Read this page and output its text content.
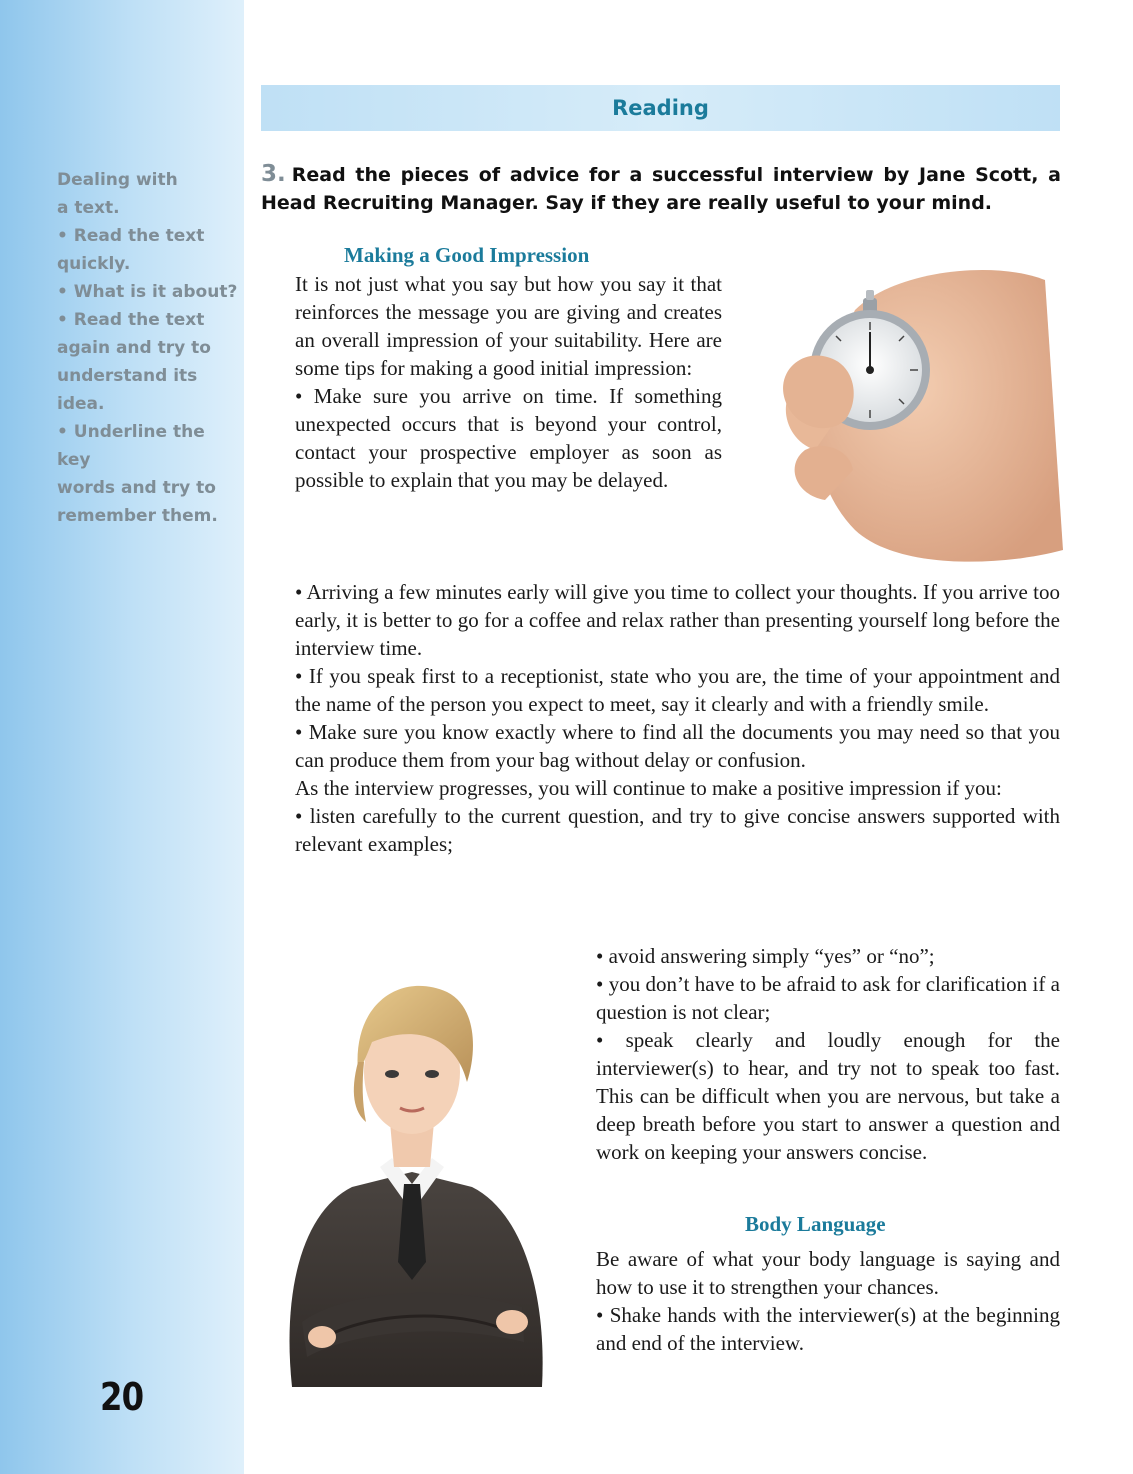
Dealing with
a text.
• Read the text
quickly.
• What is it about?
• Read the text
again and try to
understand its idea.
• Underline the key
words and try to
remember them.
20
Reading
3. Read the pieces of advice for a successful interview by Jane Scott, a Head Recruiting Manager. Say if they are really useful to your mind.
Making a Good Impression

It is not just what you say but how you say it that reinforces the message you are giving and creates an overall impression of your suitability. Here are some tips for making a good initial impression:

• Make sure you arrive on time. If something unexpected occurs that is beyond your control, contact your prospective employer as soon as possible to explain that you may be delayed.

• Arriving a few minutes early will give you time to collect your thoughts. If you arrive too early, it is better to go for a coffee and relax rather than presenting yourself long before the interview time.

• If you speak first to a receptionist, state who you are, the time of your appointment and the name of the person you expect to meet, say it clearly and with a friendly smile.

• Make sure you know exactly where to find all the documents you may need so that you can produce them from your bag without delay or confusion.

As the interview progresses, you will continue to make a positive impression if you:

• listen carefully to the current question, and try to give concise answers supported with relevant examples;

• avoid answering simply “yes” or “no”;

• you don’t have to be afraid to ask for clarification if a question is not clear;

• speak clearly and loudly enough for the interviewer(s) to hear, and try not to speak too fast. This can be difficult when you are nervous, but take a deep breath before you start to answer a question and work on keeping your answers concise.

Body Language

Be aware of what your body language is saying and how to use it to strengthen your chances.

• Shake hands with the interviewer(s) at the beginning and end of the interview.
